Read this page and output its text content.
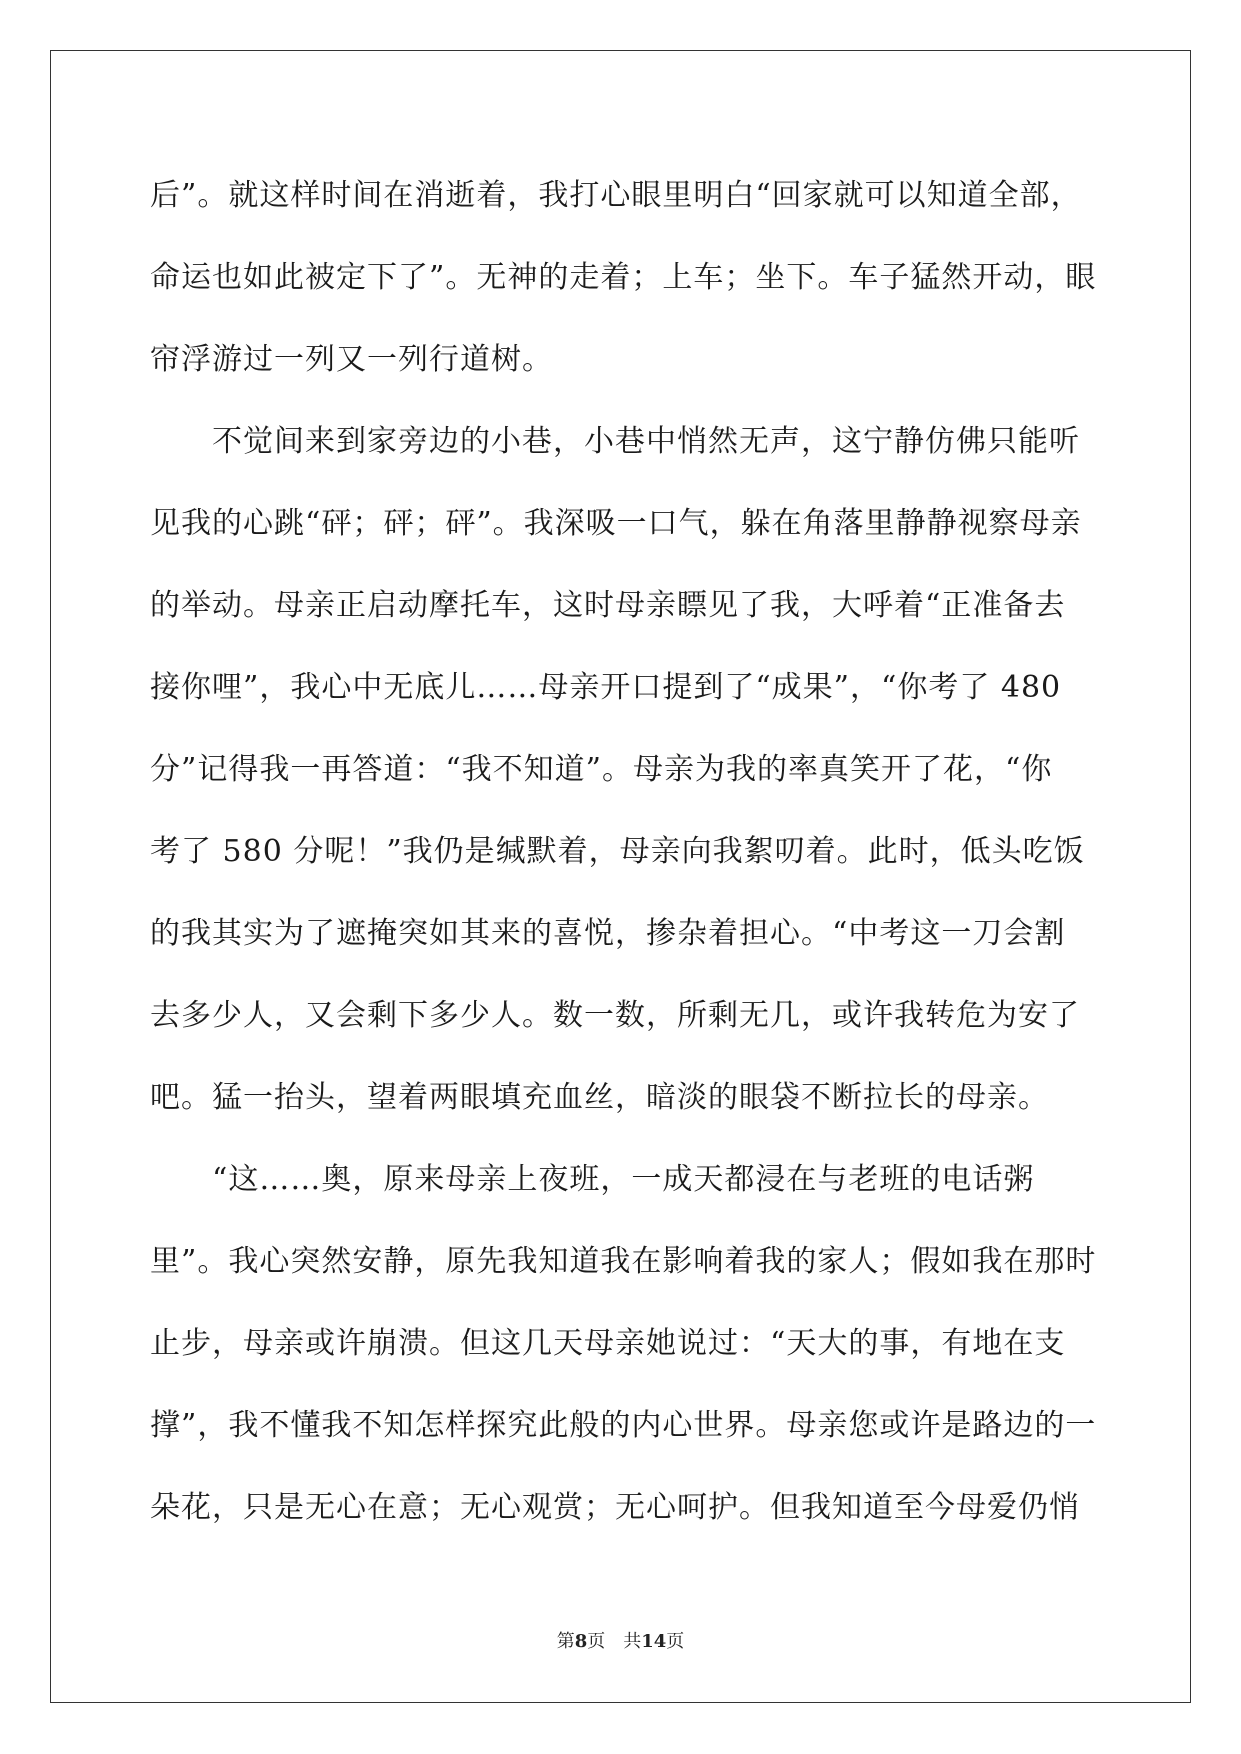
后”。就这样时间在消逝着，我打心眼里明白“回家就可以知道全部，
命运也如此被定下了”。无神的走着；上车；坐下。车子猛然开动，眼
帘浮游过一列又一列行道树。
　　不觉间来到家旁边的小巷，小巷中悄然无声，这宁静仿佛只能听
见我的心跳“砰；砰；砰”。我深吸一口气，躲在角落里静静视察母亲
的举动。母亲正启动摩托车，这时母亲瞟见了我，大呼着“正准备去
接你哩”，我心中无底儿……母亲开口提到了“成果”，“你考了 480
分”记得我一再答道：“我不知道”。母亲为我的率真笑开了花，“你
考了 580 分呢！”我仍是缄默着，母亲向我絮叨着。此时，低头吃饭
的我其实为了遮掩突如其来的喜悦，掺杂着担心。“中考这一刀会割
去多少人，又会剩下多少人。数一数，所剩无几，或许我转危为安了
吧。猛一抬头，望着两眼填充血丝，暗淡的眼袋不断拉长的母亲。
　　“这……奥，原来母亲上夜班，一成天都浸在与老班的电话粥
里”。我心突然安静，原先我知道我在影响着我的家人；假如我在那时
止步，母亲或许崩溃。但这几天母亲她说过：“天大的事，有地在支
撑”，我不懂我不知怎样探究此般的内心世界。母亲您或许是路边的一
朵花，只是无心在意；无心观赏；无心呵护。但我知道至今母爱仍悄
第8页 共14页
